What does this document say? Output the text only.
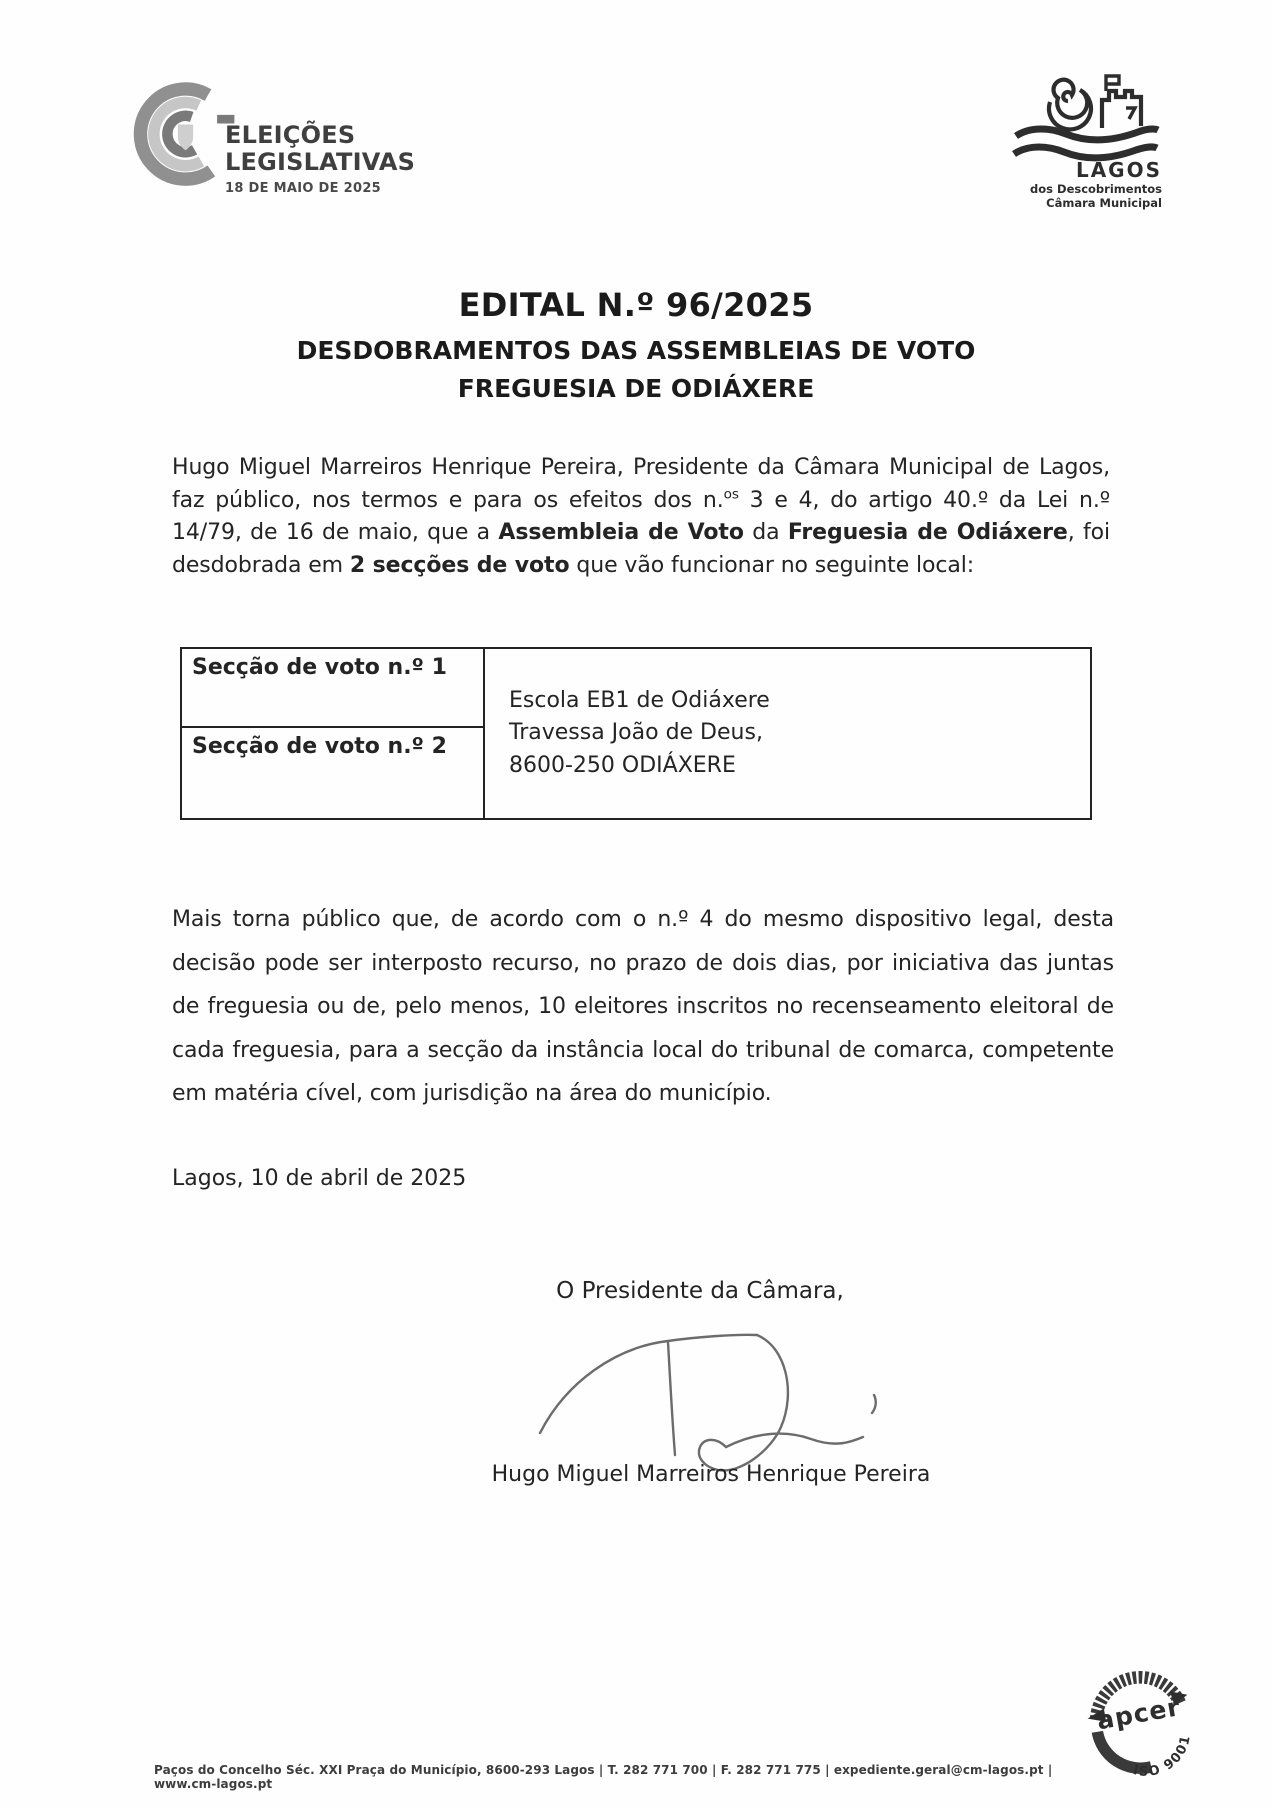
ELEIÇÕES
LEGISLATIVAS
18 DE MAIO DE 2025
LAGOS
dos Descobrimentos
Câmara Municipal
EDITAL N.º 96/2025
DESDOBRAMENTOS DAS ASSEMBLEIAS DE VOTO
FREGUESIA DE ODIÁXERE
Hugo Miguel Marreiros Henrique Pereira, Presidente da Câmara Municipal de Lagos, faz público, nos termos e para os efeitos dos n.$^{os}$ 3 e 4, do artigo 40.º da Lei n.º 14/79, de 16 de maio, que a Assembleia de Voto da Freguesia de Odiáxere, foi desdobrada em 2 secções de voto que vão funcionar no seguinte local:
Secção de voto n.º 1
Secção de voto n.º 2
Escola EB1 de Odiáxere
Travessa João de Deus,
8600-250 ODIÁXERE
Mais torna público que, de acordo com o n.º 4 do mesmo dispositivo legal, desta decisão pode ser interposto recurso, no prazo de dois dias, por iniciativa das juntas de freguesia ou de, pelo menos, 10 eleitores inscritos no recenseamento eleitoral de cada freguesia, para a secção da instância local do tribunal de comarca, competente em matéria cível, com jurisdição na área do município.
Lagos, 10 de abril de 2025
O Presidente da Câmara,
Hugo Miguel Marreiros Henrique Pereira
Paços do Concelho Séc. XXI Praça do Município, 8600-293 Lagos | T. 282 771 700 | F. 282 771 775 | expediente.geral@cm-lagos.pt | www.cm-lagos.pt
apcer
ISO 9001
